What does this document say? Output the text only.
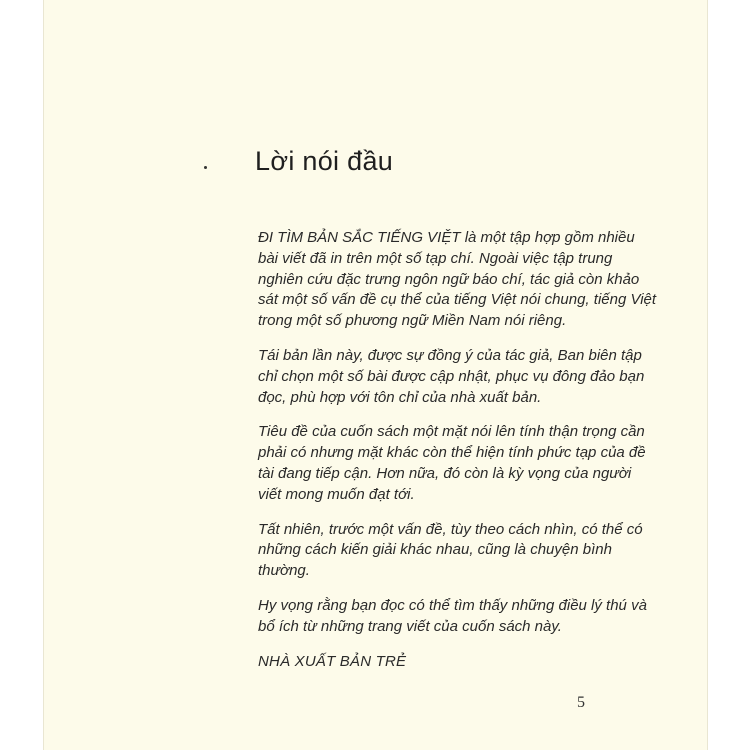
Lời nói đầu

ĐI TÌM BẢN SẮC TIẾNG VIỆT là một tập hợp gồm nhiều bài viết đã in trên một số tạp chí. Ngoài việc tập trung nghiên cứu đặc trưng ngôn ngữ báo chí, tác giả còn khảo sát một số vấn đề cụ thể của tiếng Việt nói chung, tiếng Việt trong một số phương ngữ Miền Nam nói riêng.

Tái bản lần này, được sự đồng ý của tác giả, Ban biên tập chỉ chọn một số bài được cập nhật, phục vụ đông đảo bạn đọc, phù hợp với tôn chỉ của nhà xuất bản.

Tiêu đề của cuốn sách một mặt nói lên tính thận trọng cần phải có nhưng mặt khác còn thể hiện tính phức tạp của đề tài đang tiếp cận. Hơn nữa, đó còn là kỳ vọng của người viết mong muốn đạt tới.

Tất nhiên, trước một vấn đề, tùy theo cách nhìn, có thể có những cách kiến giải khác nhau, cũng là chuyện bình thường.

Hy vọng rằng bạn đọc có thể tìm thấy những điều lý thú và bổ ích từ những trang viết của cuốn sách này.

NHÀ XUẤT BẢN TRẺ

5
